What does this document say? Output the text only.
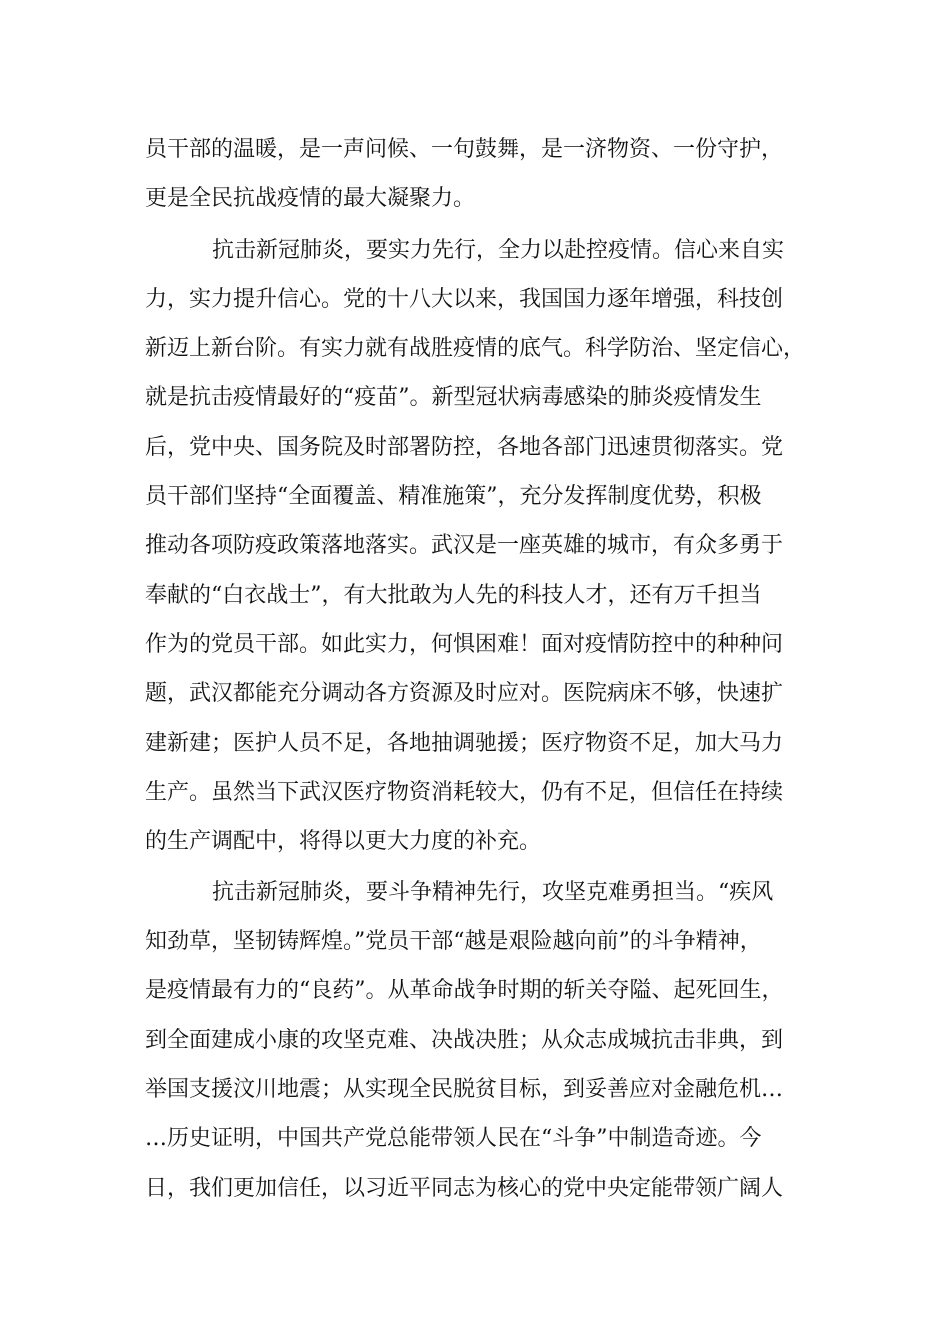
员干部的温暖，是一声问候、一句鼓舞，是一济物资、一份守护，
更是全民抗战疫情的最大凝聚力。
抗击新冠肺炎，要实力先行，全力以赴控疫情。信心来自实
力，实力提升信心。党的十八大以来，我国国力逐年增强，科技创
新迈上新台阶。有实力就有战胜疫情的底气。科学防治、坚定信心，
就是抗击疫情最好的“疫苗”。新型冠状病毒感染的肺炎疫情发生
后，党中央、国务院及时部署防控，各地各部门迅速贯彻落实。党
员干部们坚持“全面覆盖、精准施策”，充分发挥制度优势，积极
推动各项防疫政策落地落实。武汉是一座英雄的城市，有众多勇于
奉献的“白衣战士”，有大批敢为人先的科技人才，还有万千担当
作为的党员干部。如此实力，何惧困难！面对疫情防控中的种种问
题，武汉都能充分调动各方资源及时应对。医院病床不够，快速扩
建新建；医护人员不足，各地抽调驰援；医疗物资不足，加大马力
生产。虽然当下武汉医疗物资消耗较大，仍有不足，但信任在持续
的生产调配中，将得以更大力度的补充。
抗击新冠肺炎，要斗争精神先行，攻坚克难勇担当。“疾风
知劲草，坚韧铸辉煌。”党员干部“越是艰险越向前”的斗争精神，
是疫情最有力的“良药”。从革命战争时期的斩关夺隘、起死回生，
到全面建成小康的攻坚克难、决战决胜；从众志成城抗击非典，到
举国支援汶川地震；从实现全民脱贫目标，到妥善应对金融危机…
…历史证明，中国共产党总能带领人民在“斗争”中制造奇迹。今
日，我们更加信任，以习近平同志为核心的党中央定能带领广阔人
